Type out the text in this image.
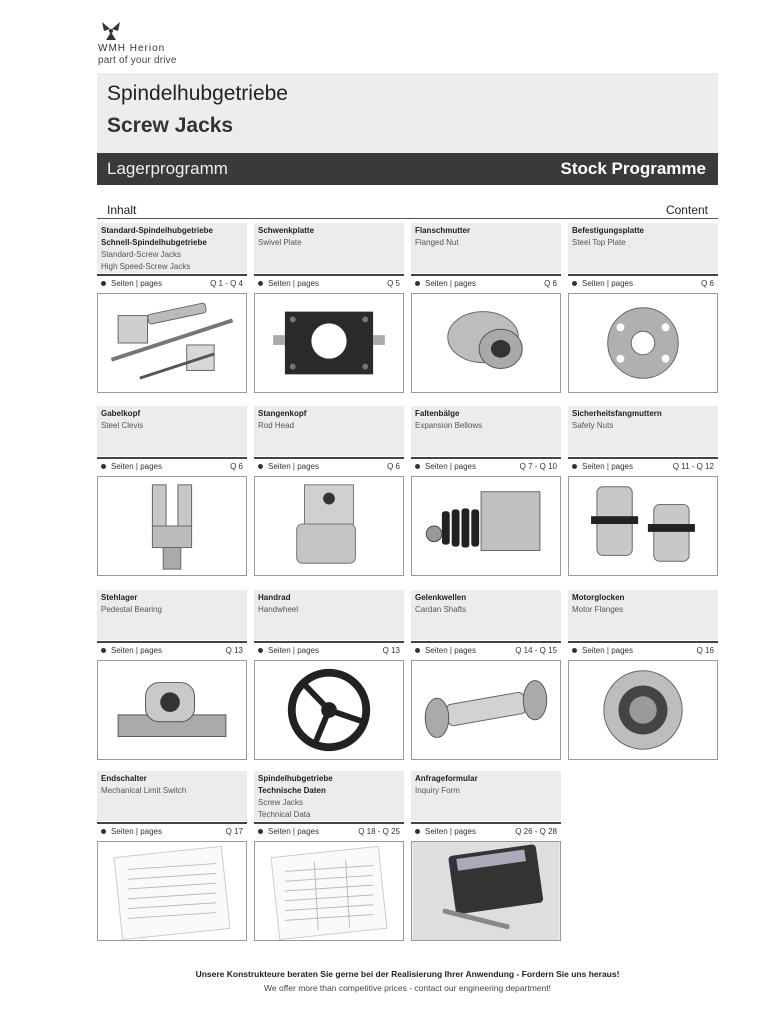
WMH Herion
part of your drive
Spindelhubgetriebe
Screw Jacks
Lagerprogramm	Stock Programme
Inhalt	Content
Standard-Spindelhubgetriebe
Schnell-Spindelhubgetriebe
Standard-Screw Jacks
High Speed-Screw Jacks
Seiten | pages	Q 1 - Q 4
Schwenkplatte
Swivel Plate
Seiten | pages	Q 5
Flanschmutter
Flanged Nut
Seiten | pages	Q 6
Befestigungsplatte
Steel Top Plate
Seiten | pages	Q 6
Gabelkopf
Steel Clevis
Seiten | pages	Q 6
Stangenkopf
Rod Head
Seiten | pages	Q 6
Faltenbälge
Expansion Bellows
Seiten | pages	Q 7 - Q 10
Sicherheitsfangmuttern
Safety Nuts
Seiten | pages	Q 11 - Q 12
Stehlager
Pedestal Bearing
Seiten | pages	Q 13
Handrad
Handwheel
Seiten | pages	Q 13
Gelenkwellen
Cardan Shafts
Seiten | pages	Q 14 - Q 15
Motorglocken
Motor Flanges
Seiten | pages	Q 16
Endschalter
Mechanical Limit Switch
Seiten | pages	Q 17
Spindelhubgetriebe
Technische Daten
Screw Jacks
Technical Data
Seiten | pages	Q 18 - Q 25
Anfrageformular
Inquiry Form
Seiten | pages	Q 26 - Q 28
Unsere Konstrukteure beraten Sie gerne bei der Realisierung Ihrer Anwendung - Fordern Sie uns heraus!
We offer more than competitive prices - contact our engineering department!
